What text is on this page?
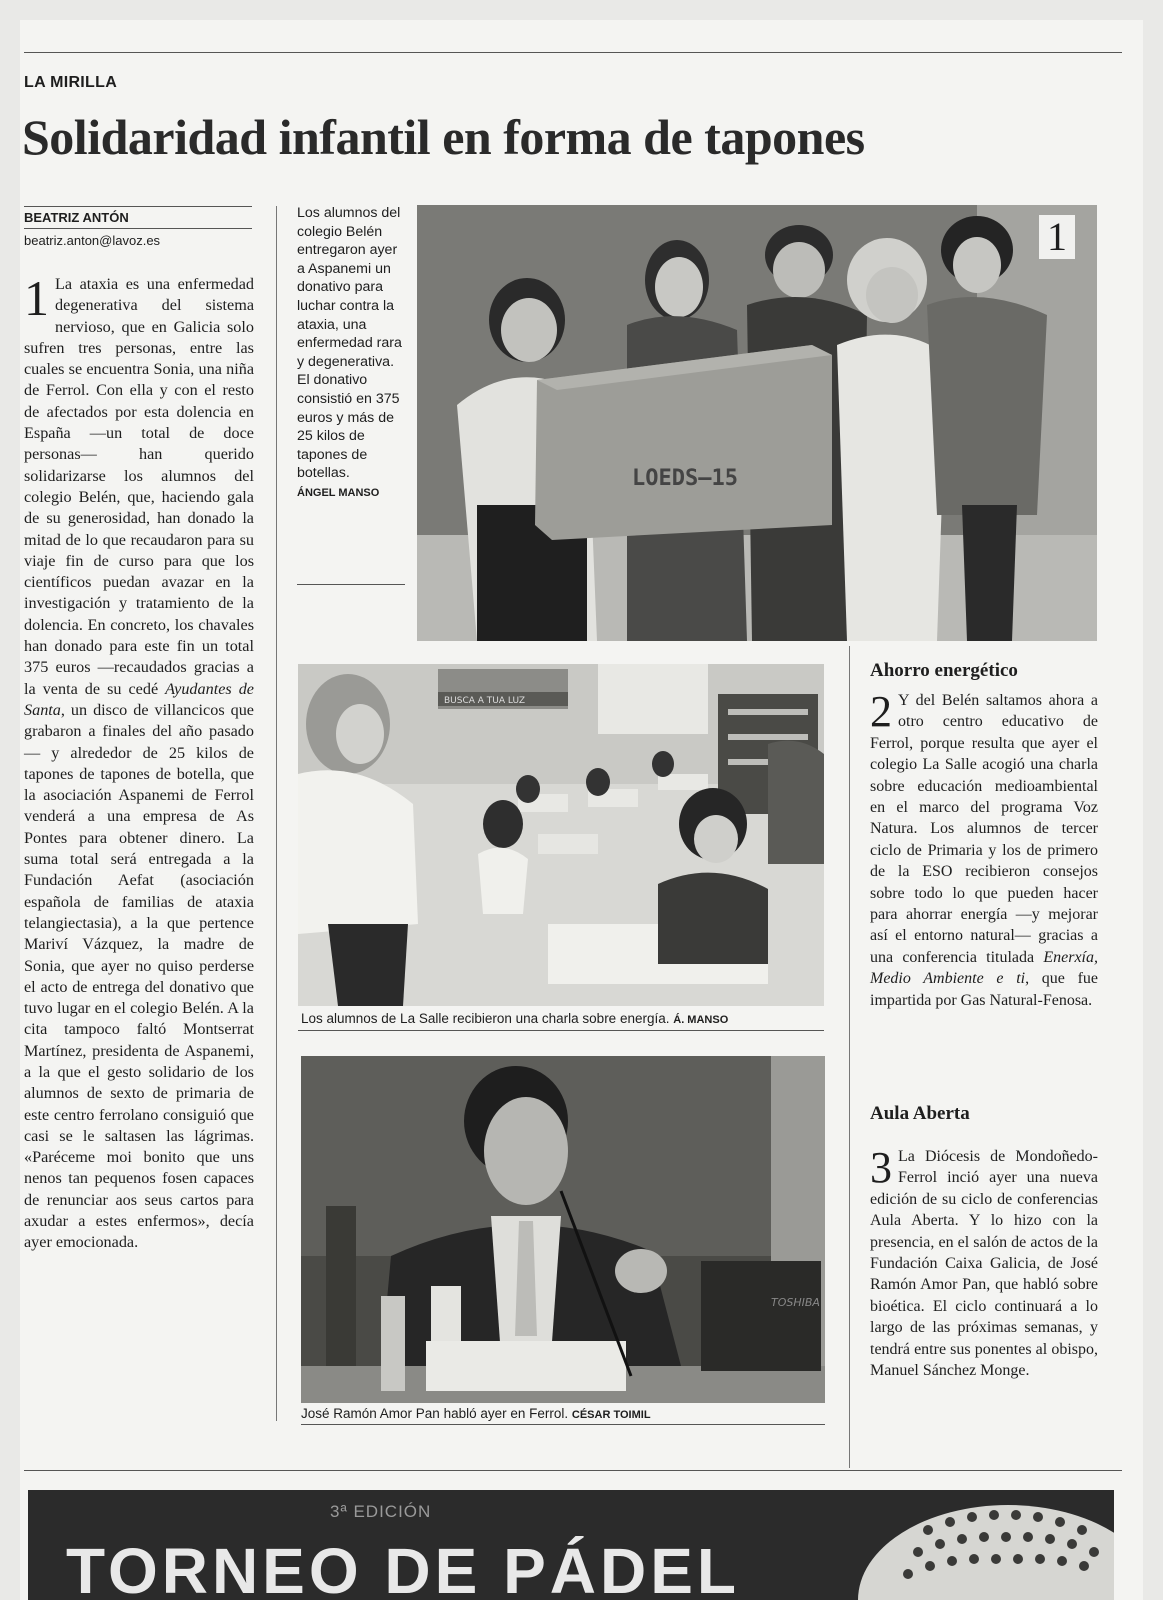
LA MIRILLA
Solidaridad infantil en forma de tapones
BEATRIZ ANTÓN
beatriz.anton@lavoz.es
1 La ataxia es una enfermedad degenerativa del sistema nervioso, que en Galicia solo sufren tres personas, entre las cuales se encuentra Sonia, una niña de Ferrol. Con ella y con el resto de afectados por esta dolencia en España —un total de doce personas— han querido solidarizarse los alumnos del colegio Belén, que, haciendo gala de su generosidad, han donado la mitad de lo que recaudaron para su viaje fin de curso para que los científicos puedan avazar en la investigación y tratamiento de la dolencia. En concreto, los chavales han donado para este fin un total 375 euros —recaudados gracias a la venta de su cedé Ayudantes de Santa, un disco de villancicos que grabaron a finales del año pasado— y alrededor de 25 kilos de tapones de tapones de botella, que la asociación Aspanemi de Ferrol venderá a una empresa de As Pontes para obtener dinero. La suma total será entregada a la Fundación Aefat (asociación española de familias de ataxia telangiectasia), a la que pertence Mariví Vázquez, la madre de Sonia, que ayer no quiso perderse el acto de entrega del donativo que tuvo lugar en el colegio Belén. A la cita tampoco faltó Montserrat Martínez, presidenta de Aspanemi, a la que el gesto solidario de los alumnos de sexto de primaria de este centro ferrolano consiguió que casi se le saltasen las lágrimas. «Paréceme moi bonito que uns nenos tan pequenos fosen capaces de renunciar aos seus cartos para axudar a estes enfermos», decía ayer emocionada.
Los alumnos del colegio Belén entregaron ayer a Aspanemi un donativo para luchar contra la ataxia, una enfermedad rara y degenerativa. El donativo consistió en 375 euros y más de 25 kilos de tapones de botellas.
ÁNGEL MANSO
LOEDS—15
1
BUSCA A TUA LUZ
Los alumnos de La Salle recibieron una charla sobre energía. Á. MANSO
TOSHIBA
José Ramón Amor Pan habló ayer en Ferrol. CÉSAR TOIMIL
Ahorro energético
2 Y del Belén saltamos ahora a otro centro educativo de Ferrol, porque resulta que ayer el colegio La Salle acogió una charla sobre educación medioambiental en el marco del programa Voz Natura. Los alumnos de tercer ciclo de Primaria y los de primero de la ESO recibieron consejos sobre todo lo que pueden hacer para ahorrar energía —y mejorar así el entorno natural— gracias a una conferencia titulada Enerxía, Medio Ambiente e ti, que fue impartida por Gas Natural-Fenosa.
Aula Aberta
3 La Diócesis de Mondoñedo-Ferrol inció ayer una nueva edición de su ciclo de conferencias Aula Aberta. Y lo hizo con la presencia, en el salón de actos de la Fundación Caixa Galicia, de José Ramón Amor Pan, que habló sobre bioética. El ciclo continuará a lo largo de las próximas semanas, y tendrá entre sus ponentes al obispo, Manuel Sánchez Monge.
3ª EDICIÓN
TORNEO DE PÁDEL
